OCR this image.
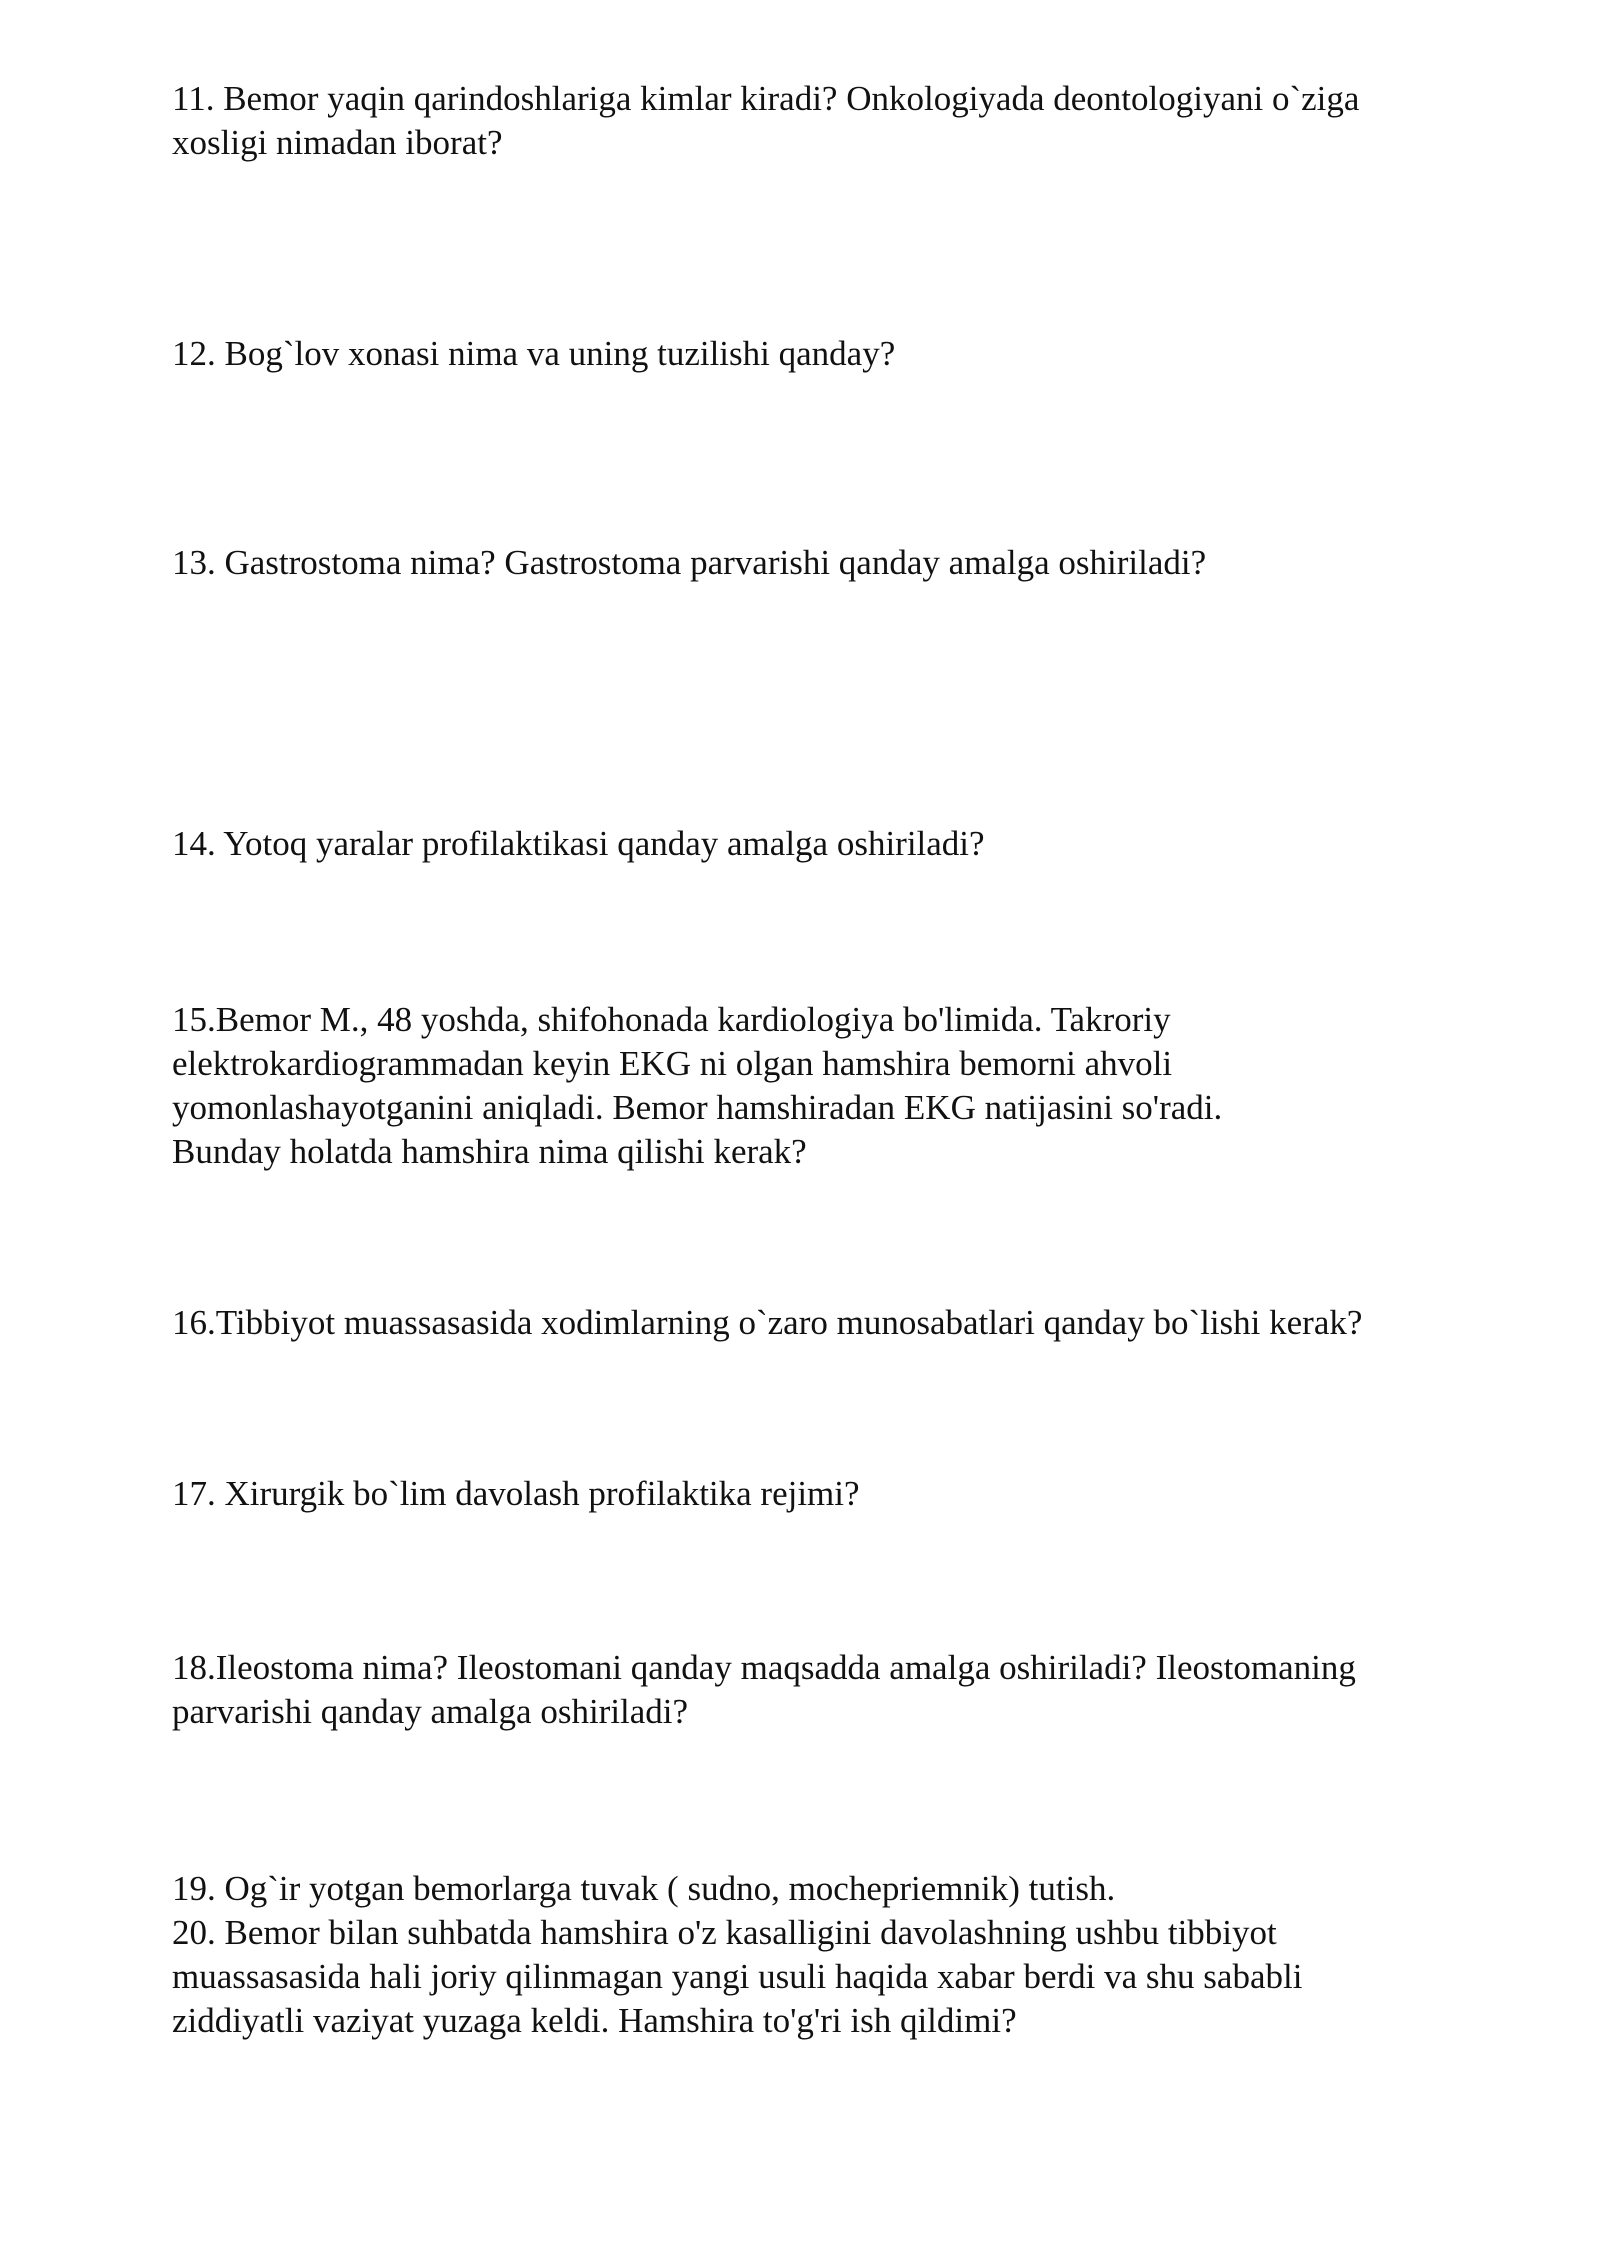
11. Bemor yaqin qarindoshlariga kimlar kiradi? Onkologiyada deontologiyani o`ziga
xosligi nimadan iborat?

12. Bog`lov xonasi nima va uning tuzilishi qanday?

13. Gastrostoma nima? Gastrostoma parvarishi qanday amalga oshiriladi?

14. Yotoq yaralar profilaktikasi qanday amalga oshiriladi?

15.Bemor M., 48 yoshda, shifohonada kardiologiya bo'limida. Takroriy
elektrokardiogrammadan keyin EKG ni olgan hamshira bemorni ahvoli
yomonlashayotganini aniqladi. Bemor hamshiradan EKG natijasini so'radi.
Bunday holatda hamshira nima qilishi kerak?

16.Tibbiyot muassasasida xodimlarning o`zaro munosabatlari qanday bo`lishi kerak?

17. Xirurgik bo`lim davolash profilaktika rejimi?

18.Ileostoma nima? Ileostomani qanday maqsadda amalga oshiriladi? Ileostomaning
parvarishi qanday amalga oshiriladi?

19. Og`ir yotgan bemorlarga tuvak ( sudno, mochepriemnik) tutish.
20. Bemor bilan suhbatda hamshira o'z kasalligini davolashning ushbu tibbiyot
muassasasida hali joriy qilinmagan yangi usuli haqida xabar berdi va shu sababli
ziddiyatli vaziyat yuzaga keldi. Hamshira to'g'ri ish qildimi?
